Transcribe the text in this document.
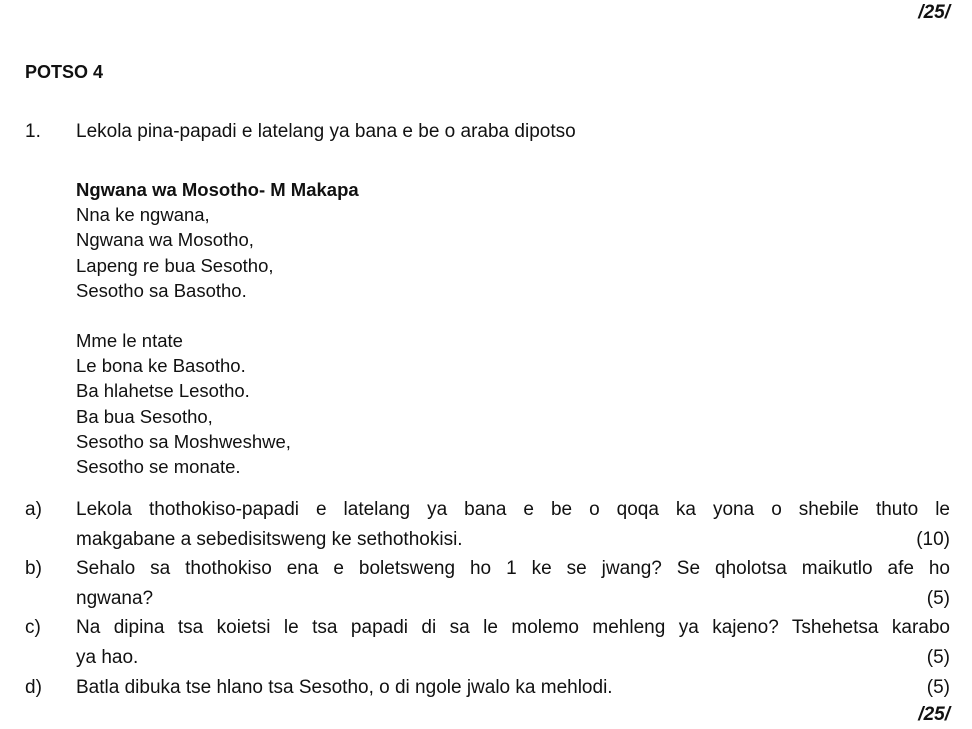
/25/
POTSO 4
1. Lekola pina-papadi e latelang ya bana e be o araba dipotso
Ngwana wa Mosotho- M Makapa
Nna ke ngwana,
Ngwana wa Mosotho,
Lapeng re bua Sesotho,
Sesotho sa Basotho.
Mme le ntate
Le bona ke Basotho.
Ba hlahetse Lesotho.
Ba bua Sesotho,
Sesotho sa Moshweshwe,
Sesotho se monate.
a) Lekola thothokiso-papadi e latelang ya bana e be o qoqa ka yona o shebile thuto le
makgabane a sebedisitsweng ke sethothokisi.	(10)
b) Sehalo sa thothokiso ena e boletsweng ho 1 ke se jwang? Se qholotsa maikutlo afe ho
ngwana?	(5)
c) Na dipina tsa koietsi le tsa papadi di sa le molemo mehleng ya kajeno? Tshehetsa karabo
ya hao.	(5)
d) Batla dibuka tse hlano tsa Sesotho, o di ngole jwalo ka mehlodi.	(5)
/25/
